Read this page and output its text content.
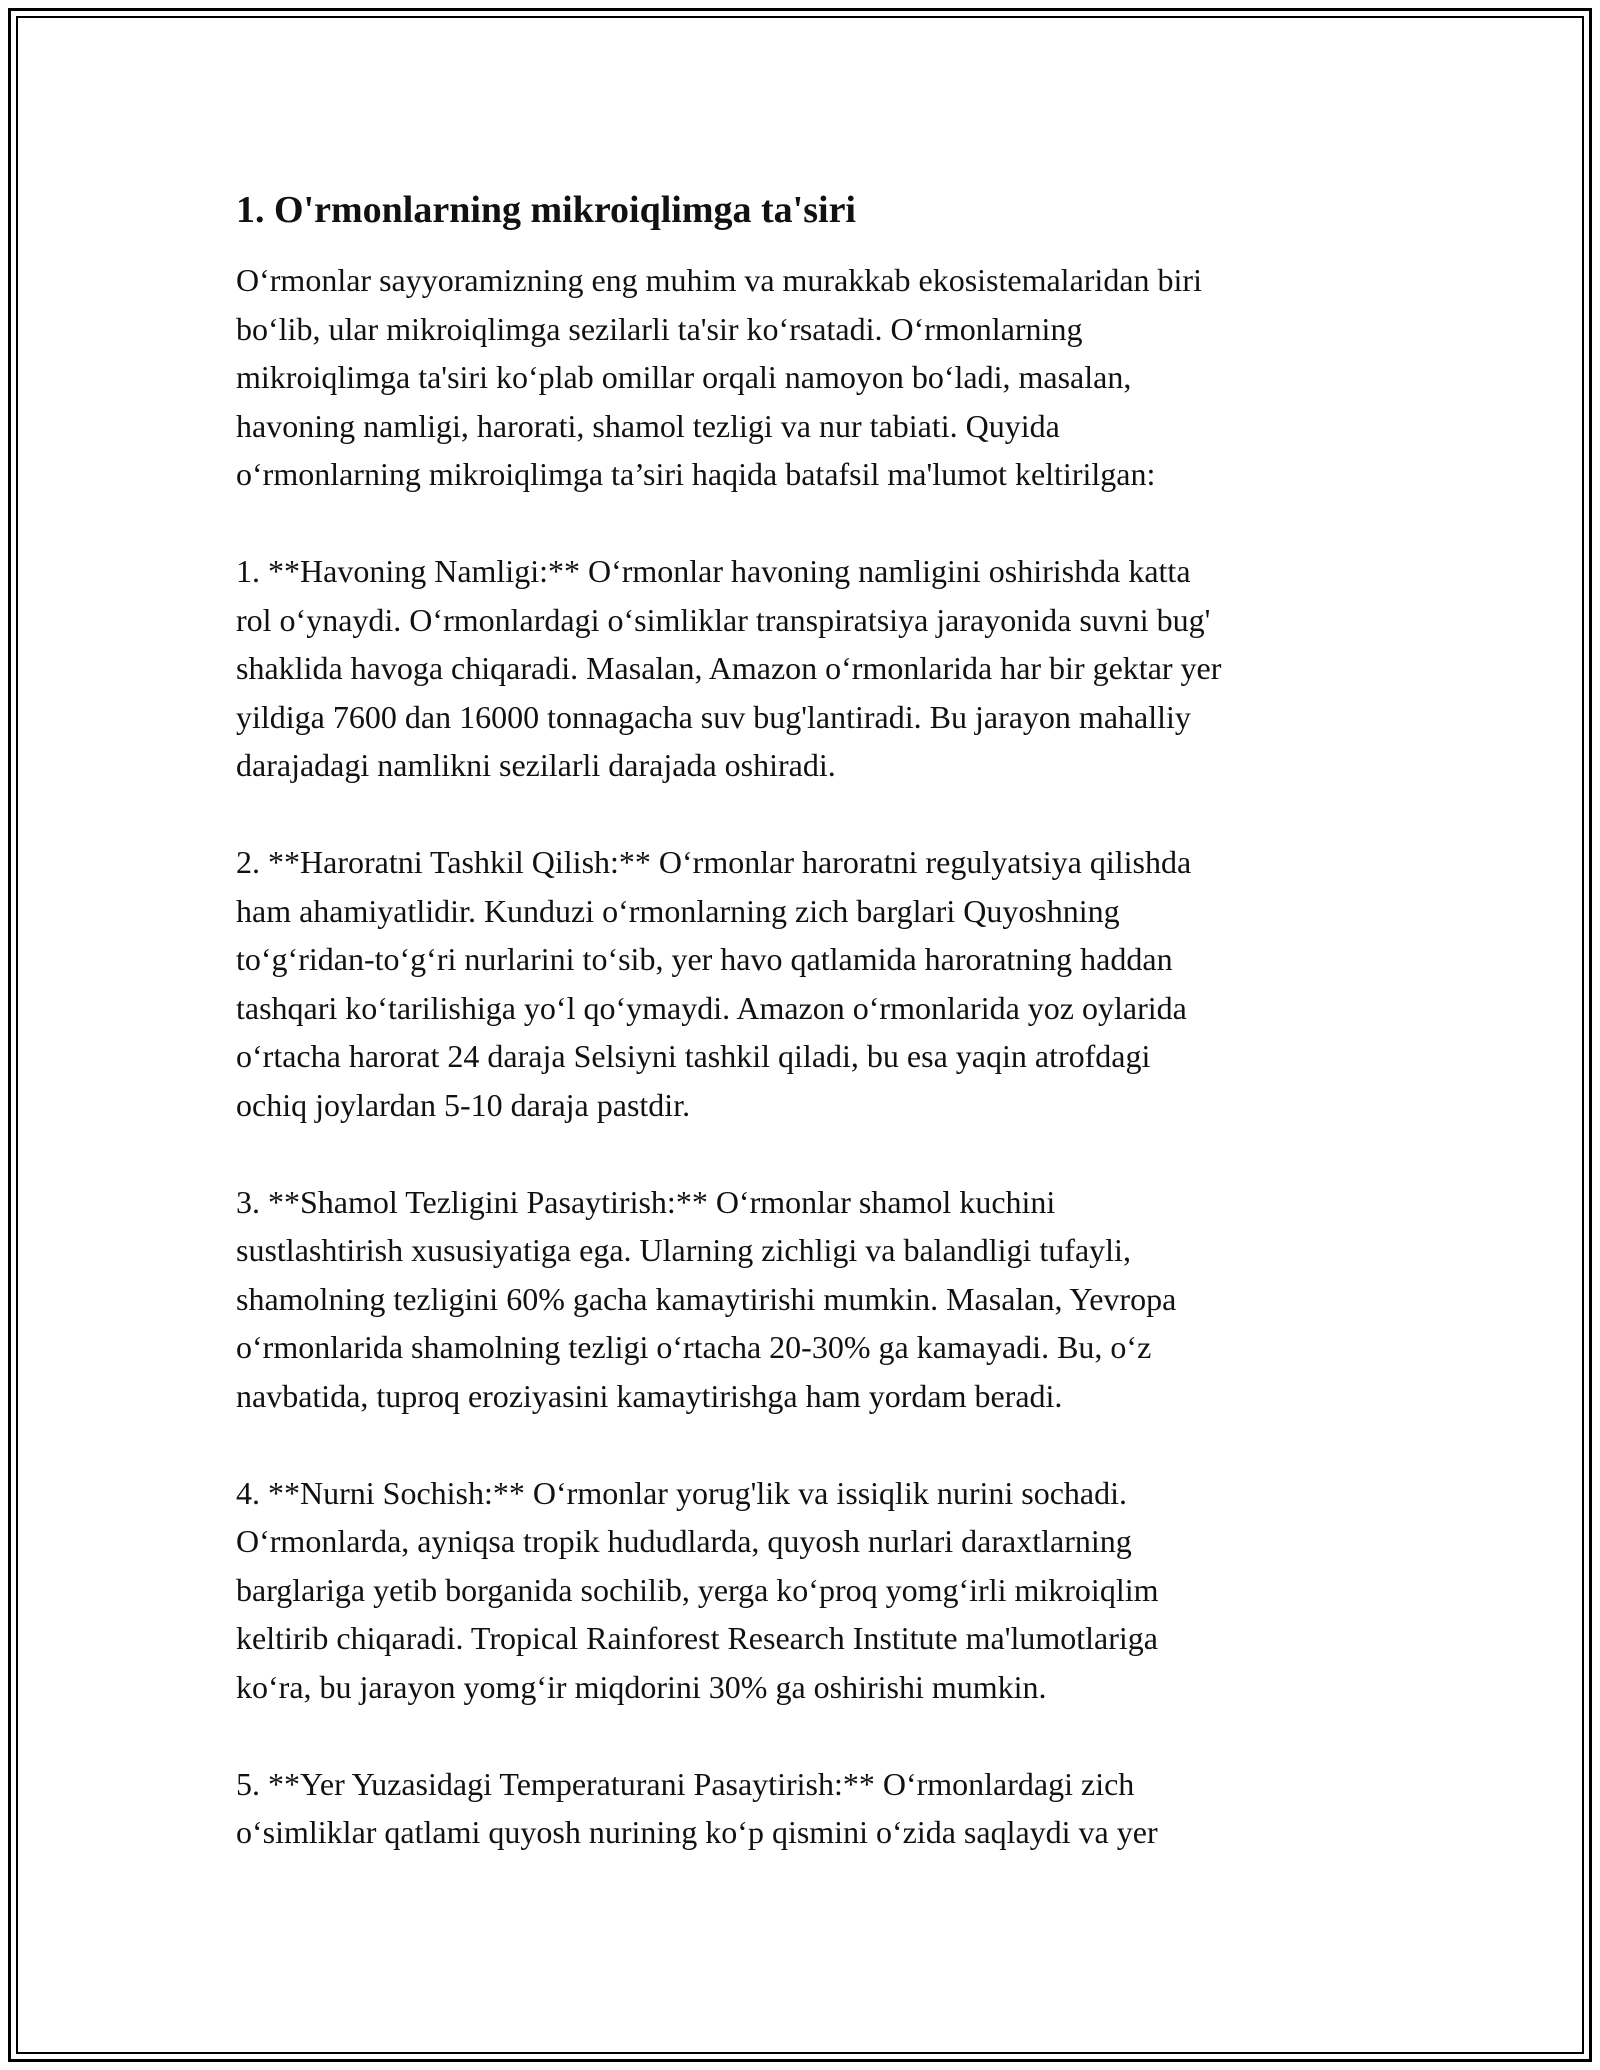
1. O'rmonlarning mikroiqlimga ta'siri

O‘rmonlar sayyoramizning eng muhim va murakkab ekosistemalaridan biri
bo‘lib, ular mikroiqlimga sezilarli ta'sir ko‘rsatadi. O‘rmonlarning
mikroiqlimga ta'siri ko‘plab omillar orqali namoyon bo‘ladi, masalan,
havoning namligi, harorati, shamol tezligi va nur tabiati. Quyida
o‘rmonlarning mikroiqlimga ta’siri haqida batafsil ma'lumot keltirilgan:

1. **Havoning Namligi:** O‘rmonlar havoning namligini oshirishda katta
rol o‘ynaydi. O‘rmonlardagi o‘simliklar transpiratsiya jarayonida suvni bug'
shaklida havoga chiqaradi. Masalan, Amazon o‘rmonlarida har bir gektar yer
yildiga 7600 dan 16000 tonnagacha suv bug'lantiradi. Bu jarayon mahalliy
darajadagi namlikni sezilarli darajada oshiradi.

2. **Haroratni Tashkil Qilish:** O‘rmonlar haroratni regulyatsiya qilishda
ham ahamiyatlidir. Kunduzi o‘rmonlarning zich barglari Quyoshning
to‘g‘ridan-to‘g‘ri nurlarini to‘sib, yer havo qatlamida haroratning haddan
tashqari ko‘tarilishiga yo‘l qo‘ymaydi. Amazon o‘rmonlarida yoz oylarida
o‘rtacha harorat 24 daraja Selsiyni tashkil qiladi, bu esa yaqin atrofdagi
ochiq joylardan 5-10 daraja pastdir.

3. **Shamol Tezligini Pasaytirish:** O‘rmonlar shamol kuchini
sustlashtirish xususiyatiga ega. Ularning zichligi va balandligi tufayli,
shamolning tezligini 60% gacha kamaytirishi mumkin. Masalan, Yevropa
o‘rmonlarida shamolning tezligi o‘rtacha 20-30% ga kamayadi. Bu, o‘z
navbatida, tuproq eroziyasini kamaytirishga ham yordam beradi.

4. **Nurni Sochish:** O‘rmonlar yorug'lik va issiqlik nurini sochadi.
O‘rmonlarda, ayniqsa tropik hududlarda, quyosh nurlari daraxtlarning
barglariga yetib borganida sochilib, yerga ko‘proq yomg‘irli mikroiqlim
keltirib chiqaradi. Tropical Rainforest Research Institute ma'lumotlariga
ko‘ra, bu jarayon yomg‘ir miqdorini 30% ga oshirishi mumkin.

5. **Yer Yuzasidagi Temperaturani Pasaytirish:** O‘rmonlardagi zich
o‘simliklar qatlami quyosh nurining ko‘p qismini o‘zida saqlaydi va yer
